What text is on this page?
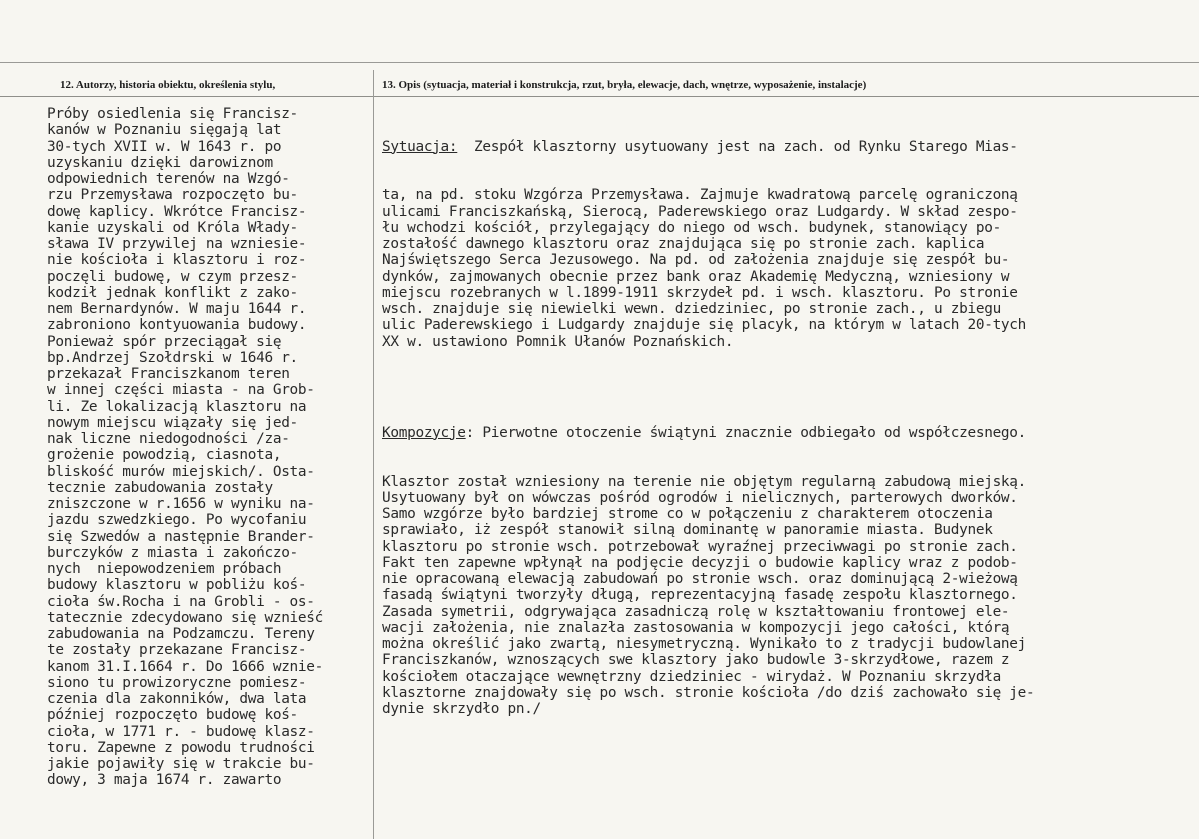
12. Autorzy, historia obiektu, określenia stylu,	13. Opis (sytuacja, materiał i konstrukcja, rzut, bryła, elewacje, dach, wnętrze, wyposażenie, instalacje)
Próby osiedlenia się Francisz-
kanów w Poznaniu sięgają lat
30-tych XVII w. W 1643 r. po
uzyskaniu dzięki darowiznom
odpowiednich terenów na Wzgó-
rzu Przemysława rozpoczęto bu-
dowę kaplicy. Wkrótce Francisz-
kanie uzyskali od Króla Włady-
sława IV przywilej na wzniesie-
nie kościoła i klasztoru i roz-
poczęli budowę, w czym przesz-
kodził jednak konflikt z zako-
nem Bernardynów. W maju 1644 r.
zabroniono kontyuowania budowy.
Ponieważ spór przeciągał się
bp.Andrzej Szołdrski w 1646 r.
przekazał Franciszkanom teren
w innej części miasta - na Grob-
li. Ze lokalizacją klasztoru na
nowym miejscu wiązały się jed-
nak liczne niedogodności /za-
grożenie powodzią, ciasnota,
bliskość murów miejskich/. Osta-
tecznie zabudowania zostały
zniszczone w r.1656 w wyniku na-
jazdu szwedzkiego. Po wycofaniu
się Szwedów a następnie Brander-
burczyków z miasta i zakończo-
nych  niepowodzeniem próbach
budowy klasztoru w pobliżu koś-
cioła św.Rocha i na Grobli - os-
tatecznie zdecydowano się wznieść
zabudowania na Podzamczu. Tereny
te zostały przekazane Francisz-
kanom 31.I.1664 r. Do 1666 wznie-
siono tu prowizoryczne pomiesz-
czenia dla zakonników, dwa lata
później rozpoczęto budowę koś-
cioła, w 1771 r. - budowę klasz-
toru. Zapewne z powodu trudności
jakie pojawiły się w trakcie bu-
dowy, 3 maja 1674 r. zawarto

Sytuacja:  Zespół klasztorny usytuowany jest na zach. od Rynku Starego Mias-

ta, na pd. stoku Wzgórza Przemysława. Zajmuje kwadratową parcelę ograniczoną
ulicami Franciszkańską, Sierocą, Paderewskiego oraz Ludgardy. W skład zespo-
łu wchodzi kościół, przylegający do niego od wsch. budynek, stanowiący po-
zostałość dawnego klasztoru oraz znajdująca się po stronie zach. kaplica
Najświętszego Serca Jezusowego. Na pd. od założenia znajduje się zespół bu-
dynków, zajmowanych obecnie przez bank oraz Akademię Medyczną, wzniesiony w
miejscu rozebranych w l.1899-1911 skrzydeł pd. i wsch. klasztoru. Po stronie
wsch. znajduje się niewielki wewn. dziedziniec, po stronie zach., u zbiegu
ulic Paderewskiego i Ludgardy znajduje się placyk, na którym w latach 20-tych
XX w. ustawiono Pomnik Ułanów Poznańskich.

Kompozycje: Pierwotne otoczenie świątyni znacznie odbiegało od współczesnego.

Klasztor został wzniesiony na terenie nie objętym regularną zabudową miejską.
Usytuowany był on wówczas pośród ogrodów i nielicznych, parterowych dworków.
Samo wzgórze było bardziej strome co w połączeniu z charakterem otoczenia
sprawiało, iż zespół stanowił silną dominantę w panoramie miasta. Budynek
klasztoru po stronie wsch. potrzebował wyraźnej przeciwwagi po stronie zach.
Fakt ten zapewne wpłynął na podjęcie decyzji o budowie kaplicy wraz z podob-
nie opracowaną elewacją zabudowań po stronie wsch. oraz dominującą 2-wieżową
fasadą świątyni tworzyły długą, reprezentacyjną fasadę zespołu klasztornego.
Zasada symetrii, odgrywająca zasadniczą rolę w kształtowaniu frontowej ele-
wacji założenia, nie znalazła zastosowania w kompozycji jego całości, którą
można określić jako zwartą, niesymetryczną. Wynikało to z tradycji budowlanej
Franciszkanów, wznoszących swe klasztory jako budowle 3-skrzydłowe, razem z
kościołem otaczające wewnętrzny dziedziniec - wirydaż. W Poznaniu skrzydła
klasztorne znajdowały się po wsch. stronie kościoła /do dziś zachowało się je-
dynie skrzydło pn./
